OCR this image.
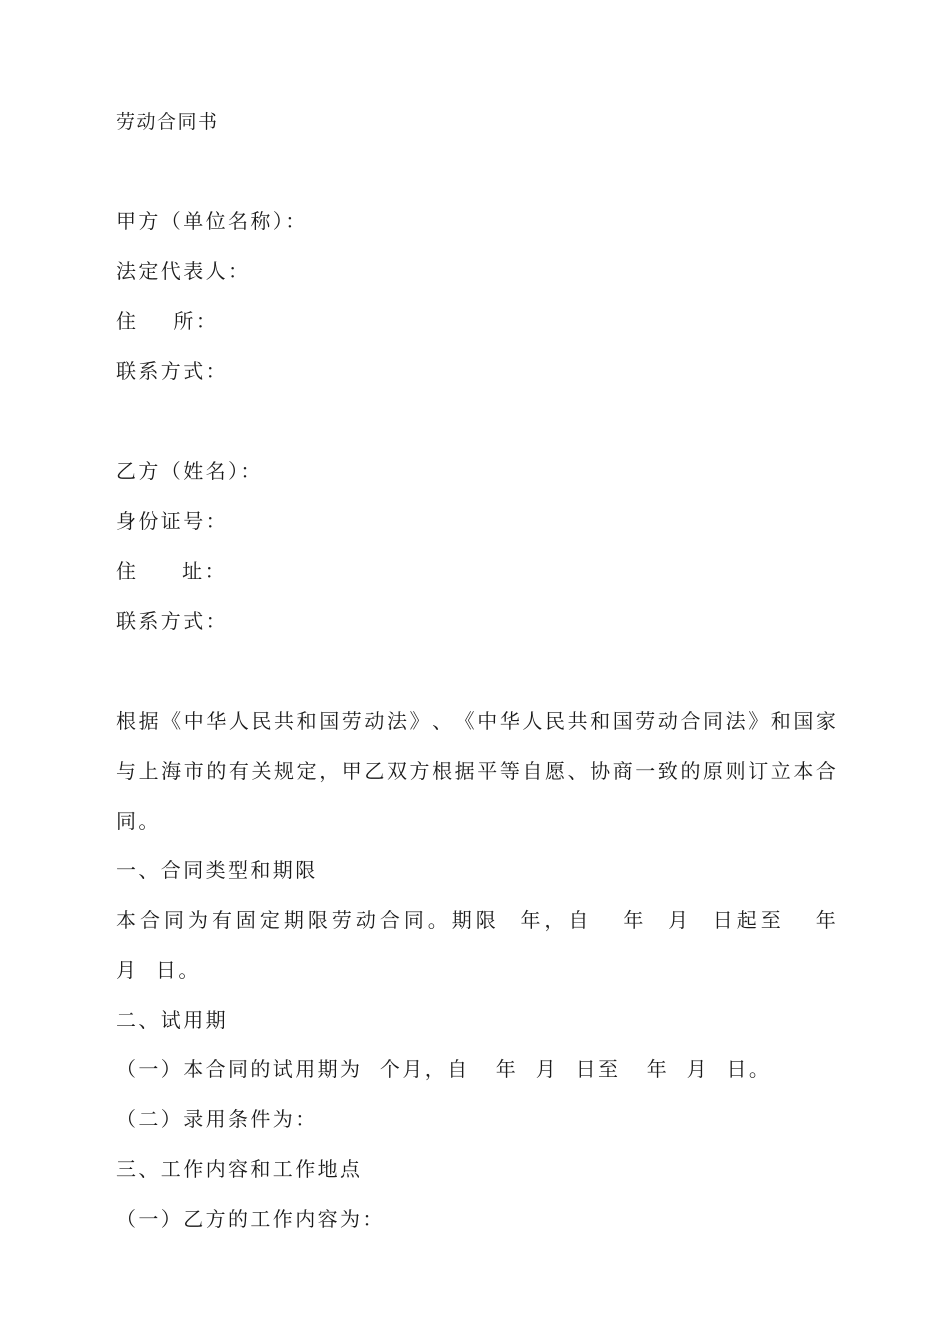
劳动合同书
甲方（单位名称）：
法定代表人：
住    所：
联系方式：
乙方（姓名）：
身份证号：
住     址：
联系方式：
根 据 《 中 华 人 民 共 和 国 劳 动 法 》 、 《 中 华 人 民 共 和 国 劳 动 合 同 法 》 和 国 家
与 上 海 市 的 有 关 规 定 ， 甲 乙 双 方 根 据 平 等 自 愿 、 协 商 一 致 的 原 则 订 立 本 合
同。
一、合同类型和期限
本 合 同 为 有 固 定 期 限 劳 动 合 同 。 期 限

年 ， 自

年

月

日 起 至

年
月  日。
二、试用期
（一）本合同的试用期为  个月，自   年  月  日至   年  月  日。
（二）录用条件为：
三、工作内容和工作地点
（一）乙方的工作内容为：
